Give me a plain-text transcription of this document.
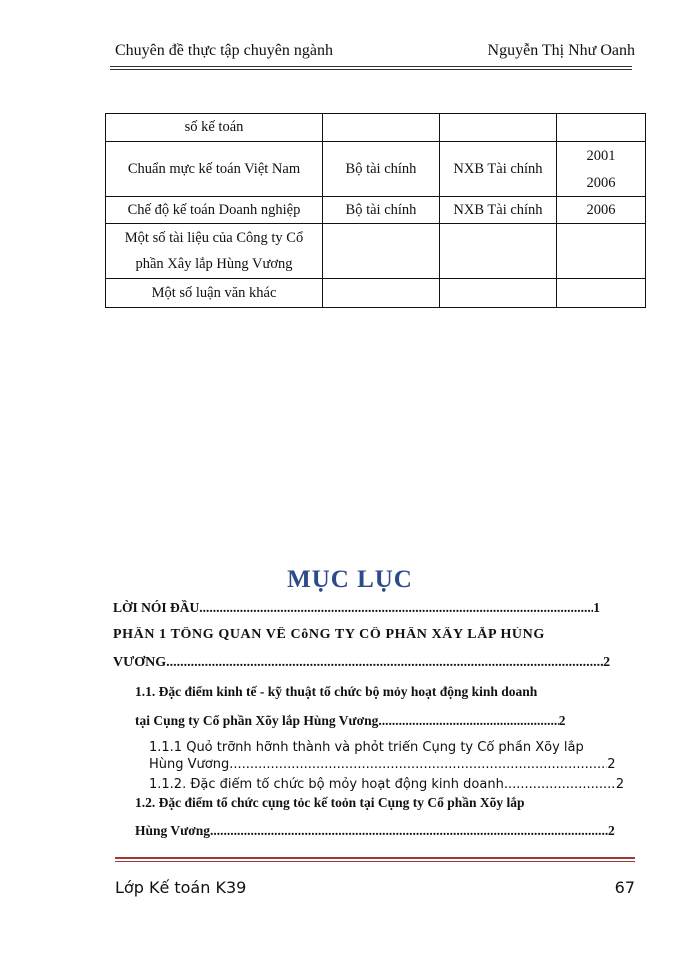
Chuyên đề thực tập chuyên ngành	Nguyễn Thị Như Oanh
số kế toán			
Chuẩn mực kế toán Việt Nam	Bộ tài chính	NXB Tài chính	2001
2006

Chế độ kế toán Doanh nghiệp	Bộ tài chính	NXB Tài chính	2006

Một số tài liệu của Công ty Cổ
phần Xây lắp Hùng Vương			

Một số luận văn khác			
MỤC LỤC
LỜI NÓI ĐẦU .....	1
PHẦN 1 TỔNG QUAN VỀ CôNG TY CỔ PHẦN XÂY LẮP HÙNG
VƯƠNG .....	2
1.1. Đặc điểm kinh tế - kỹ thuật tổ chức bộ mỏy hoạt động kinh doanh
tại Cụng ty Cổ phần Xõy lắp Hùng Vương. .....	2
1.1.1 Quỏ trỡnh hỡnh thành và phỏt triển Cụng ty Cổ phần Xõy lắp
Hùng Vương .....	2
1.1.2. Đặc điểm tổ chức bộ mỏy hoạt động kinh doanh .....	2
1.2. Đặc điểm tổ chức cụng tỏc kế toỏn tại Cụng ty Cổ phần Xõy lắp
Hùng Vương .....	2
Lớp Kế toán K39	67
